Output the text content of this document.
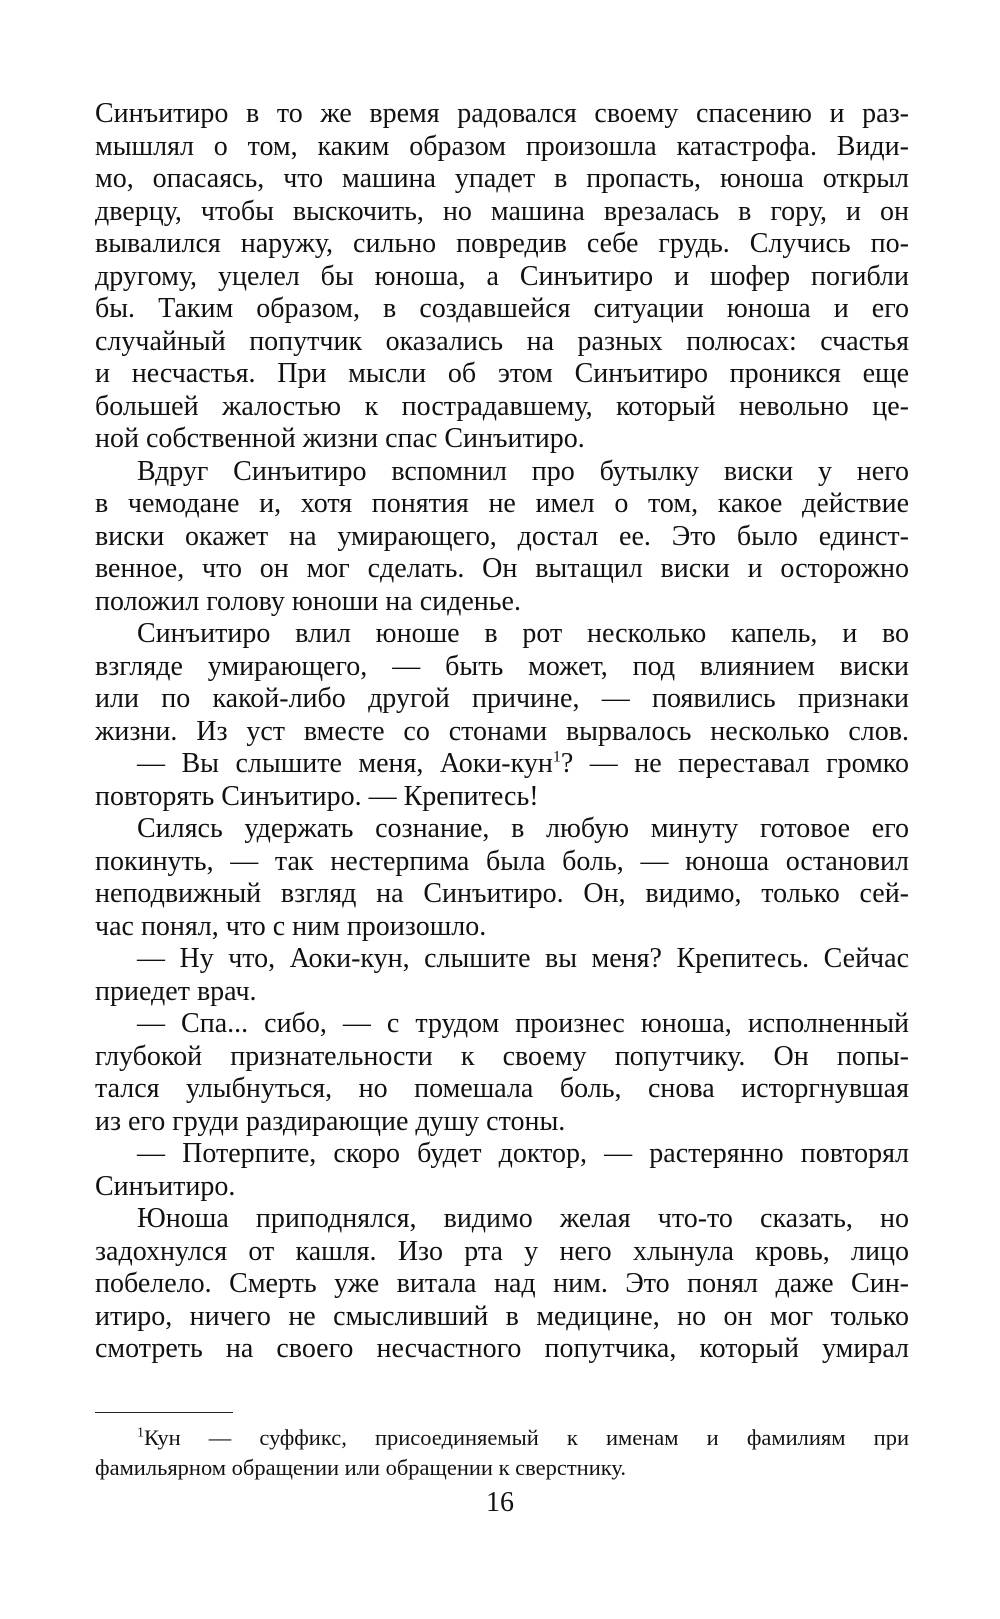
Синъитиро в то же время радовался своему спасению и раз-
мышлял о том, каким образом произошла катастрофа. Види-
мо, опасаясь, что машина упадет в пропасть, юноша открыл
дверцу, чтобы выскочить, но машина врезалась в гору, и он
вывалился наружу, сильно повредив себе грудь. Случись по-
другому, уцелел бы юноша, а Синъитиро и шофер погибли
бы. Таким образом, в создавшейся ситуации юноша и его
случайный попутчик оказались на разных полюсах: счастья
и несчастья. При мысли об этом Синъитиро проникся еще
большей жалостью к пострадавшему, который невольно це-
ной собственной жизни спас Синъитиро.
Вдруг Синъитиро вспомнил про бутылку виски у него
в чемодане и, хотя понятия не имел о том, какое действие
виски окажет на умирающего, достал ее. Это было единст-
венное, что он мог сделать. Он вытащил виски и осторожно
положил голову юноши на сиденье.
Синъитиро влил юноше в рот несколько капель, и во
взгляде умирающего, — быть может, под влиянием виски
или по какой-либо другой причине, — появились признаки
жизни. Из уст вместе со стонами вырвалось несколько слов.
— Вы слышите меня, Аоки-кун$^1$? — не переставал громко
повторять Синъитиро. — Крепитесь!
Силясь удержать сознание, в любую минуту готовое его
покинуть, — так нестерпима была боль, — юноша остановил
неподвижный взгляд на Синъитиро. Он, видимо, только сей-
час понял, что с ним произошло.
— Ну что, Аоки-кун, слышите вы меня? Крепитесь. Сейчас
приедет врач.
— Спа... сибо, — с трудом произнес юноша, исполненный
глубокой признательности к своему попутчику. Он попы-
тался улыбнуться, но помешала боль, снова исторгнувшая
из его груди раздирающие душу стоны.
— Потерпите, скоро будет доктор, — растерянно повторял
Синъитиро.
Юноша приподнялся, видимо желая что-то сказать, но
задохнулся от кашля. Изо рта у него хлынула кровь, лицо
побелело. Смерть уже витала над ним. Это понял даже Син-
итиро, ничего не смысливший в медицине, но он мог только
смотреть на своего несчастного попутчика, который умирал
$^1$Кун — суффикс, присоединяемый к именам и фамилиям при
фамильярном обращении или обращении к сверстнику.
16
